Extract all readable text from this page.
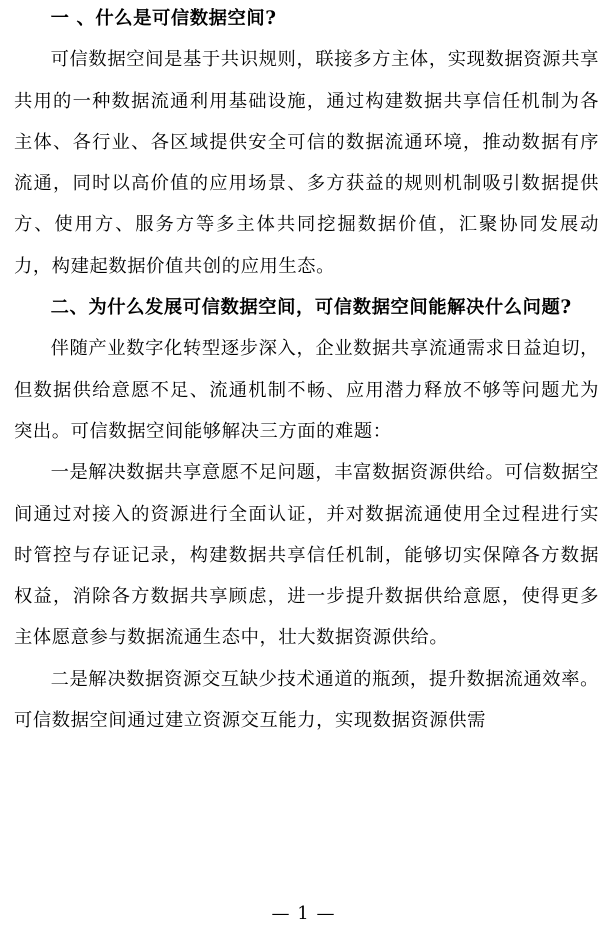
一 、什么是可信数据空间?

可信数据空间是基于共识规则，联接多方主体，实现数据资源共享共用的一种数据流通利用基础设施，通过构建数据共享信任机制为各主体、各行业、各区域提供安全可信的数据流通环境，推动数据有序流通，同时以高价值的应用场景、多方获益的规则机制吸引数据提供方、使用方、服务方等多主体共同挖掘数据价值，汇聚协同发展动力，构建起数据价值共创的应用生态。

二、为什么发展可信数据空间，可信数据空间能解决什么问题?

伴随产业数字化转型逐步深入，企业数据共享流通需求日益迫切，但数据供给意愿不足、流通机制不畅、应用潜力释放不够等问题尤为突出。可信数据空间能够解决三方面的难题：

一是解决数据共享意愿不足问题，丰富数据资源供给。可信数据空间通过对接入的资源进行全面认证，并对数据流通使用全过程进行实时管控与存证记录，构建数据共享信任机制，能够切实保障各方数据权益，消除各方数据共享顾虑，进一步提升数据供给意愿，使得更多主体愿意参与数据流通生态中，壮大数据资源供给。

二是解决数据资源交互缺少技术通道的瓶颈，提升数据流通效率。可信数据空间通过建立资源交互能力，实现数据资源供需

— 1 —
